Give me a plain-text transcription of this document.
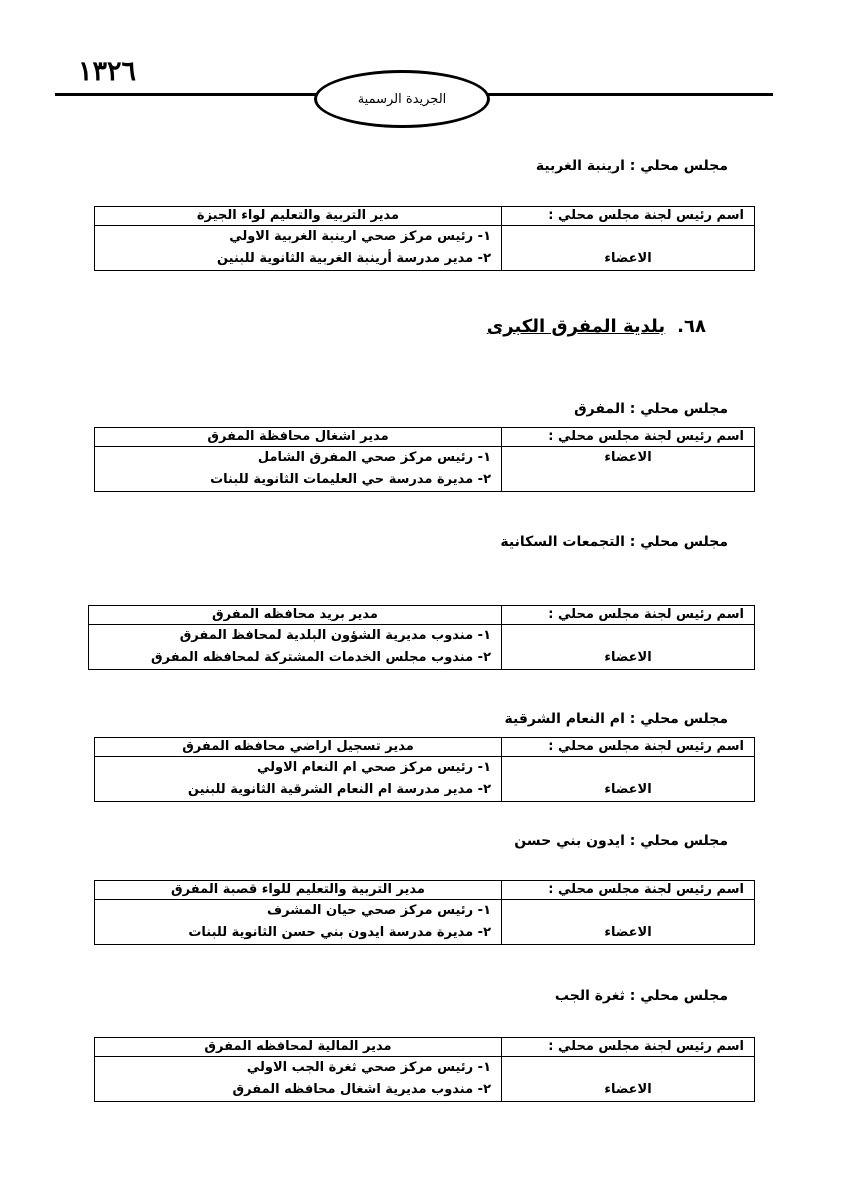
١٣٢٦
الجريدة الرسمية
مجلس محلي : ارينبة الغربية
اسم رئيس لجنة مجلس محلي :	مدير التربية والتعليم لواء الجيزة
الاعضاء	١- رئيس مركز صحي ارينبة الغربية الاولي
٢- مدير مدرسة أرينبة الغربية الثانوية للبنين
٦٨.بلدية المفرق الكبرى
مجلس محلي : المفرق
اسم رئيس لجنة مجلس محلي :	مدير اشغال محافظة المفرق
الاعضاء	١- رئيس مركز صحي المفرق الشامل
٢- مديرة مدرسة حي العليمات الثانوية للبنات
مجلس محلي : التجمعات السكانية
اسم رئيس لجنة مجلس محلي :	مدير بريد محافظه المفرق
الاعضاء	١- مندوب مديرية الشؤون البلدية لمحافظ المفرق
٢- مندوب مجلس الخدمات المشتركة لمحافظه المفرق
مجلس محلي : ام النعام الشرقية
اسم رئيس لجنة مجلس محلي :	مدير تسجيل اراضي محافظه المفرق
الاعضاء	١- رئيس مركز صحي ام النعام الاولي
٢- مدير مدرسة ام النعام الشرقية الثانوية للبنين
مجلس محلي : ايدون بني حسن
اسم رئيس لجنة مجلس محلي :	مدير التربية والتعليم للواء قصبة المفرق
الاعضاء	١- رئيس مركز صحي حيان المشرف
٢- مديرة مدرسة ايدون بني حسن الثانوية للبنات
مجلس محلي : ثغرة الجب
اسم رئيس لجنة مجلس محلي :	مدير المالية لمحافظه المفرق
الاعضاء	١- رئيس مركز صحي ثغرة الجب الاولي
٢- مندوب مديرية اشغال محافظه المفرق
